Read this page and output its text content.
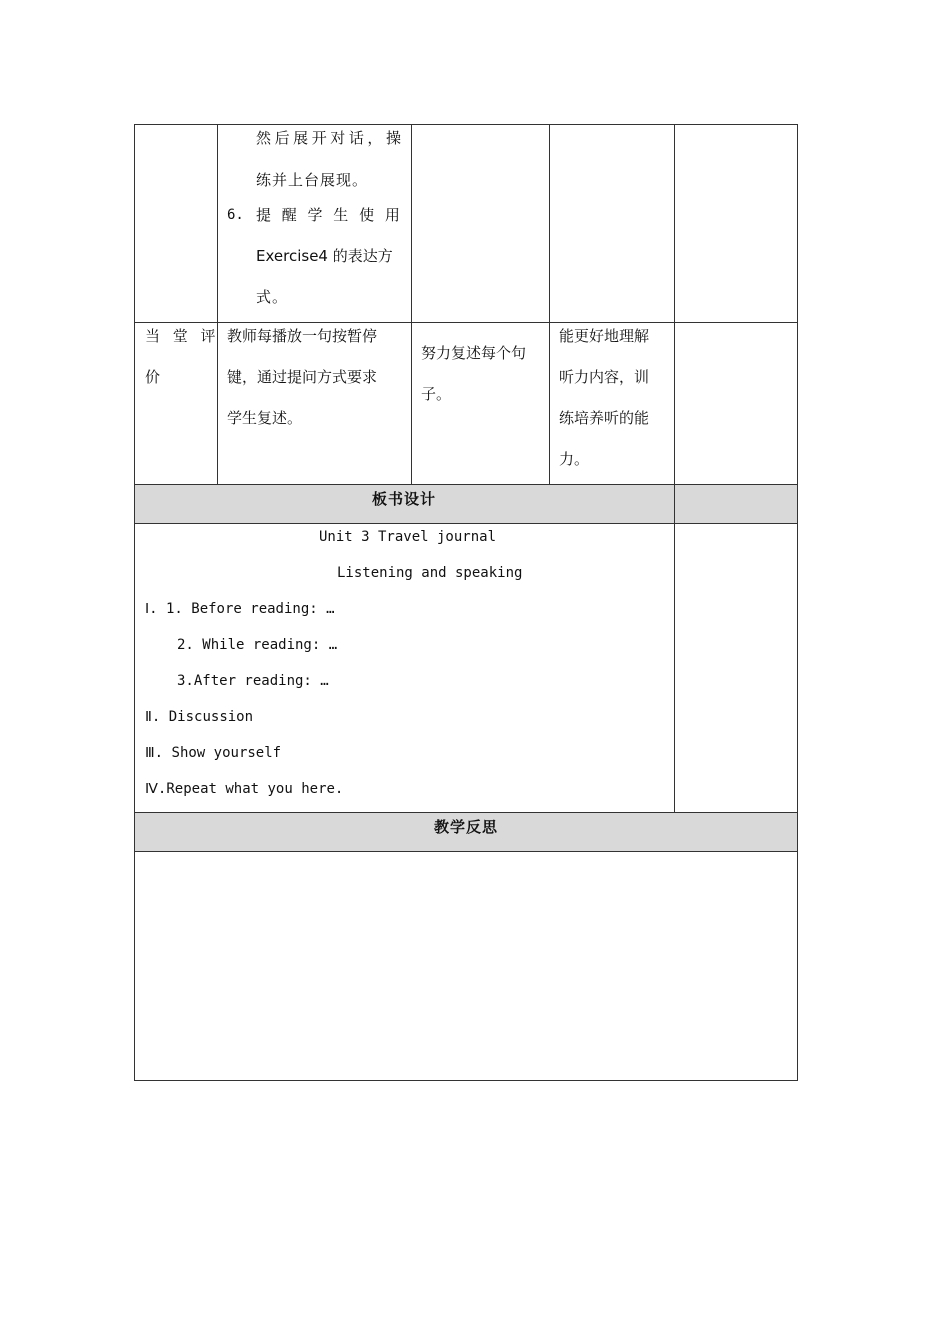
然 后 展 开 对 话 ， 操
练并上台展现。
6. 提 醒 学 生 使 用
Exercise4 的表达方
式。
当 堂 评
价
教师每播放一句按暂停
键，通过提问方式要求
学生复述。
努力复述每个句
子。
能更好地理解
听力内容，训
练培养听的能
力。
板书设计
Unit 3 Travel journal
Listening and speaking
Ⅰ. 1. Before reading: …
2. While reading: …
3.After reading: …
Ⅱ. Discussion
Ⅲ. Show yourself
Ⅳ.Repeat what you here.
教学反思
